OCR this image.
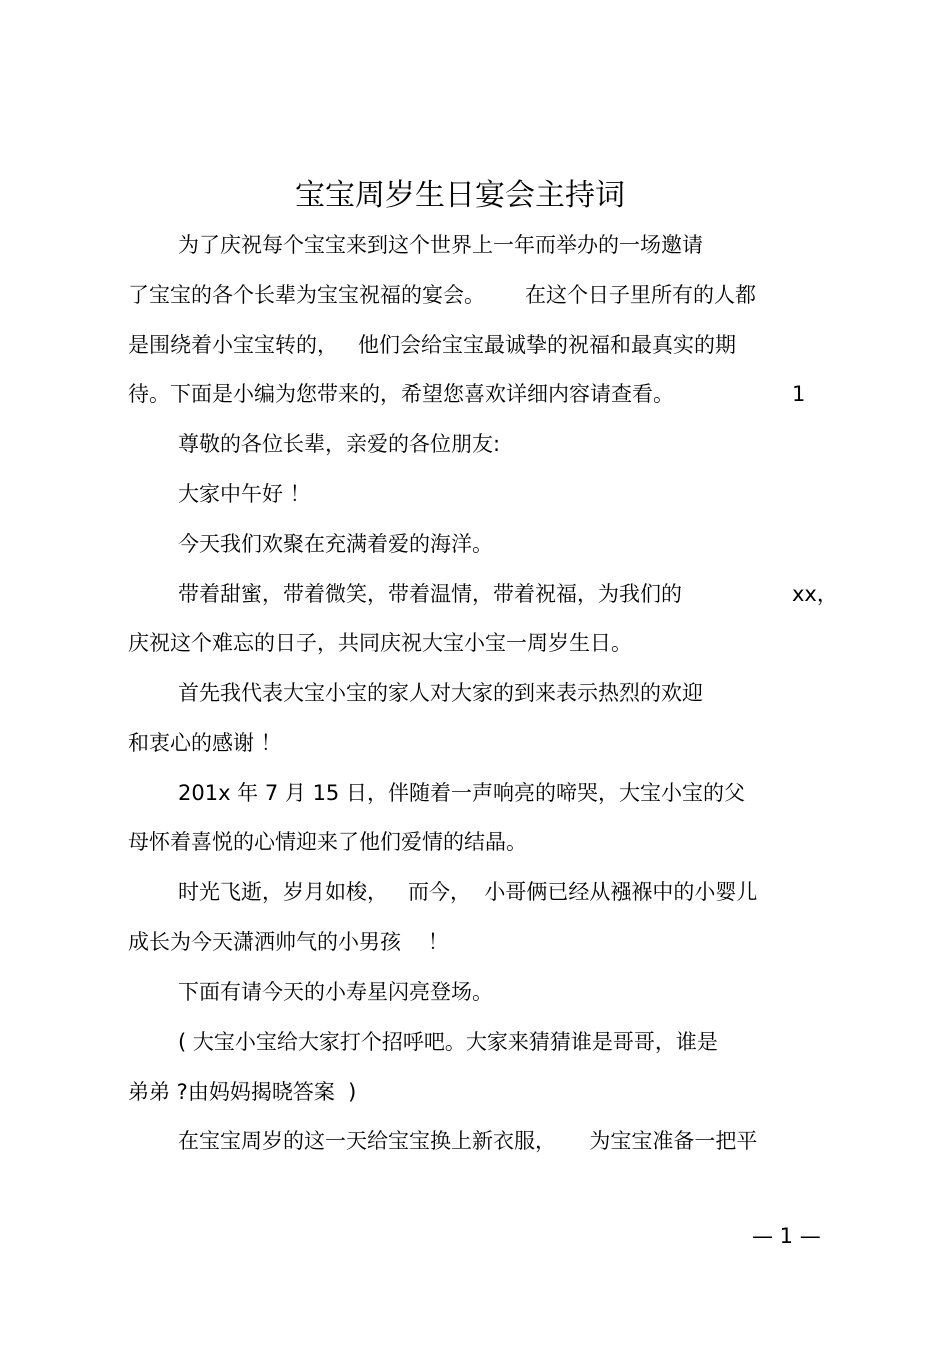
宝宝周岁生日宴会主持词
为了庆祝每个宝宝来到这个世界上一年而举办的一场邀请
了宝宝的各个长辈为宝宝祝福的宴会。      在这个日子里所有的人都
是围绕着小宝宝转的，   他们会给宝宝最诚挚的祝福和最真实的期
待。下面是小编为您带来的，希望您喜欢详细内容请查看。	1
尊敬的各位长辈，亲爱的各位朋友:
大家中午好 ！
今天我们欢聚在充满着爱的海洋。
带着甜蜜，带着微笑，带着温情，带着祝福，为我们的	xx，
庆祝这个难忘的日子，共同庆祝大宝小宝一周岁生日。
首先我代表大宝小宝的家人对大家的到来表示热烈的欢迎
和衷心的感谢 ！
201x 年 7 月 15 日，伴随着一声响亮的啼哭，大宝小宝的父
母怀着喜悦的心情迎来了他们爱情的结晶。
时光飞逝，岁月如梭，   而今，  小哥俩已经从襁褓中的小婴儿
成长为今天潇洒帅气的小男孩    ！
下面有请今天的小寿星闪亮登场。
( 大宝小宝给大家打个招呼吧。大家来猜猜谁是哥哥，谁是
弟弟 ?由妈妈揭晓答案  )
在宝宝周岁的这一天给宝宝换上新衣服，     为宝宝准备一把平
— 1 —
